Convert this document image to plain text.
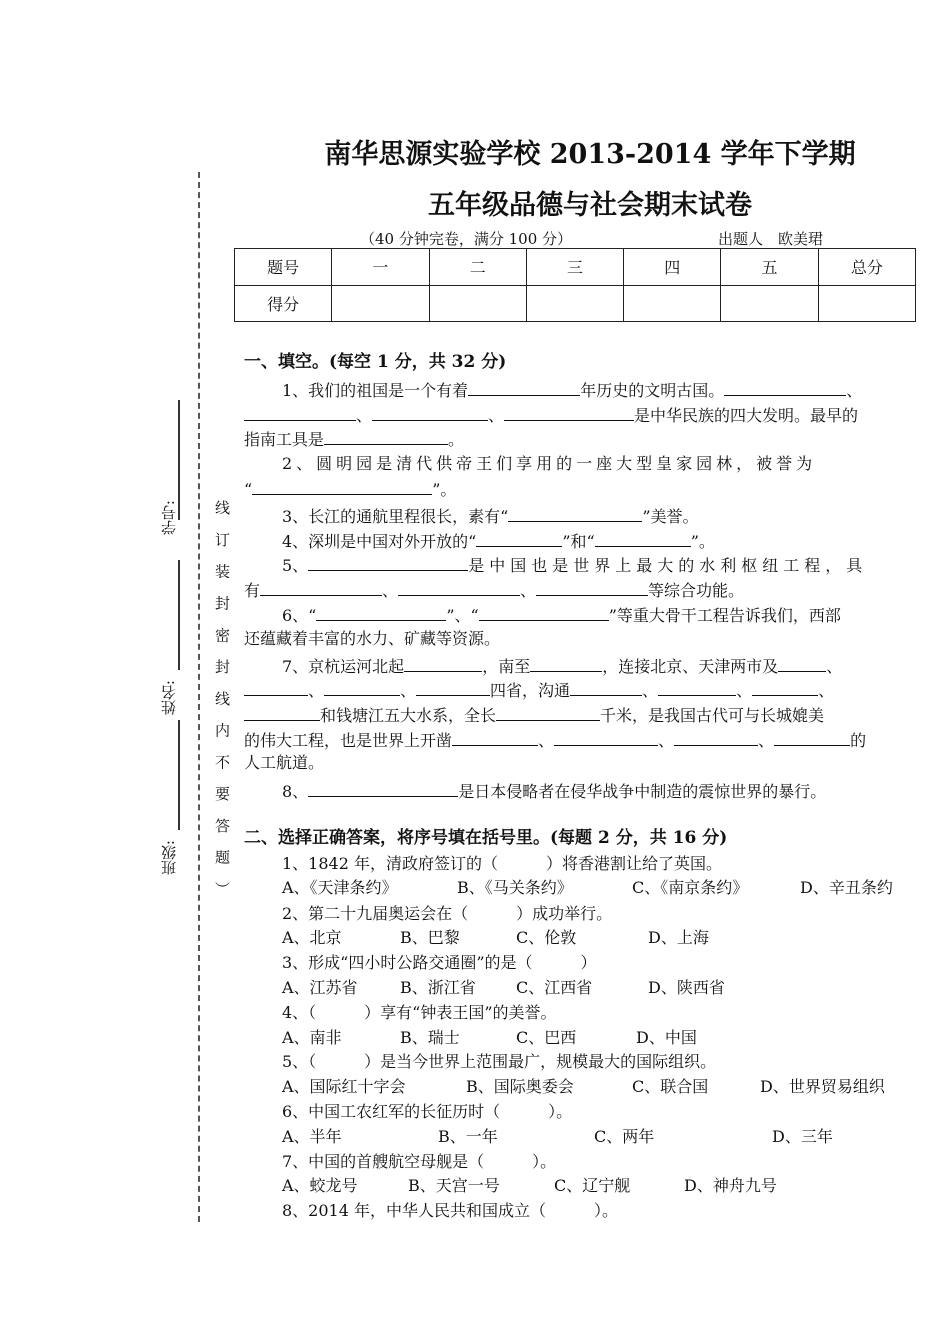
南华思源实验学校 2013-2014 学年下学期
五年级品德与社会期末试卷
（40 分钟完卷，满分 100 分）	出题人　欧美珺
题号	一	二	三	四	五	总分
得分						
线 订 装 封 密 封 线 内 不 要 答 题 ）
学号:
姓名:
班级:
一、填空。(每空 1 分，共 32 分)
1、我们的祖国是一个有着	年历史的文明古国。	、
、	、	是中华民族的四大发明。最早的
指南工具是	。
2、圆明园是清代供帝王们享用的一座大型皇家园林，被誉为
“	”。
3、长江的通航里程很长，素有“	”美誉。
4、深圳是中国对外开放的“	”和“	”。
5、	是中国也是世界上最大的水利枢纽工程，具
有	、	、	等综合功能。
6、“	”、“	”等重大骨干工程告诉我们，西部
还蕴藏着丰富的水力、矿藏等资源。
7、京杭运河北起	，南至	，连接北京、天津两市及	、
、	、	四省，沟通	、	、	、
和钱塘江五大水系，全长	千米，是我国古代可与长城媲美
的伟大工程，也是世界上开凿	、	、	、	的
人工航道。
8、	是日本侵略者在侵华战争中制造的震惊世界的暴行。
二、选择正确答案，将序号填在括号里。(每题 2 分，共 16 分)
1、1842 年，清政府签订的（　　　）将香港割让给了英国。
A、《天津条约》	B、《马关条约》	C、《南京条约》	D、辛丑条约
2、第二十九届奥运会在（　　　）成功举行。
A、北京	B、巴黎	C、伦敦	D、上海
3、形成“四小时公路交通圈”的是（　　　）
A、江苏省	B、浙江省	C、江西省	D、陕西省
4、（　　　）享有“钟表王国”的美誉。
A、南非	B、瑞士	C、巴西	D、中国
5、（　　　）是当今世界上范围最广，规模最大的国际组织。
A、国际红十字会	B、国际奥委会	C、联合国	D、世界贸易组织
6、中国工农红军的长征历时（　　　）。
A、半年	B、一年	C、两年	D、三年
7、中国的首艘航空母舰是（　　　）。
A、蛟龙号	B、天宫一号	C、辽宁舰	D、神舟九号
8、2014 年，中华人民共和国成立（　　　）。
